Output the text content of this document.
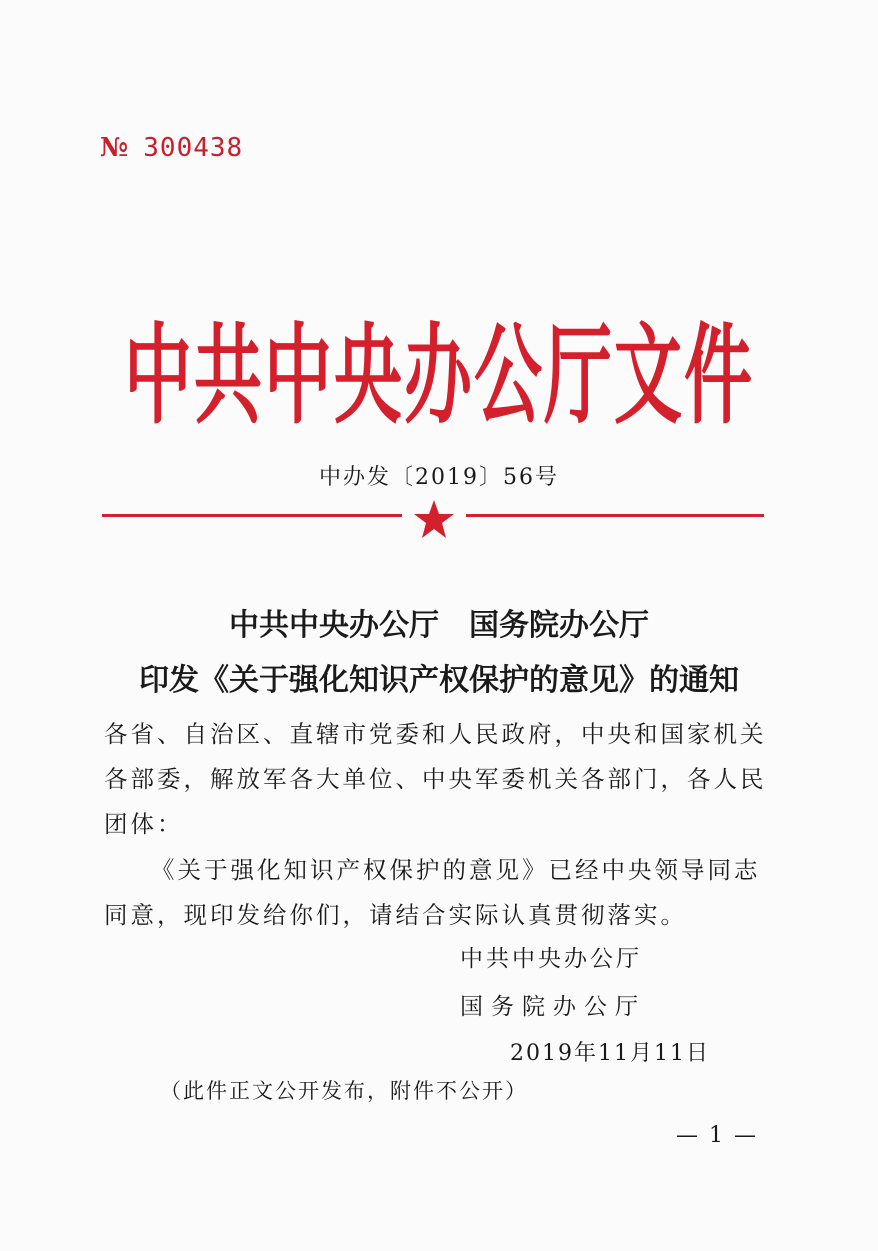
№ 300438
中共中央办公厅文件
中办发〔2019〕56号
中共中央办公厅　国务院办公厅
印发《关于强化知识产权保护的意见》的通知
各省、自治区、直辖市党委和人民政府，中央和国家机关各部委，解放军各大单位、中央军委机关各部门，各人民团体：
《关于强化知识产权保护的意见》已经中央领导同志同意，现印发给你们，请结合实际认真贯彻落实。
中共中央办公厅
国务院办公厅
2019年11月11日
（此件正文公开发布，附件不公开）
— 1 —
